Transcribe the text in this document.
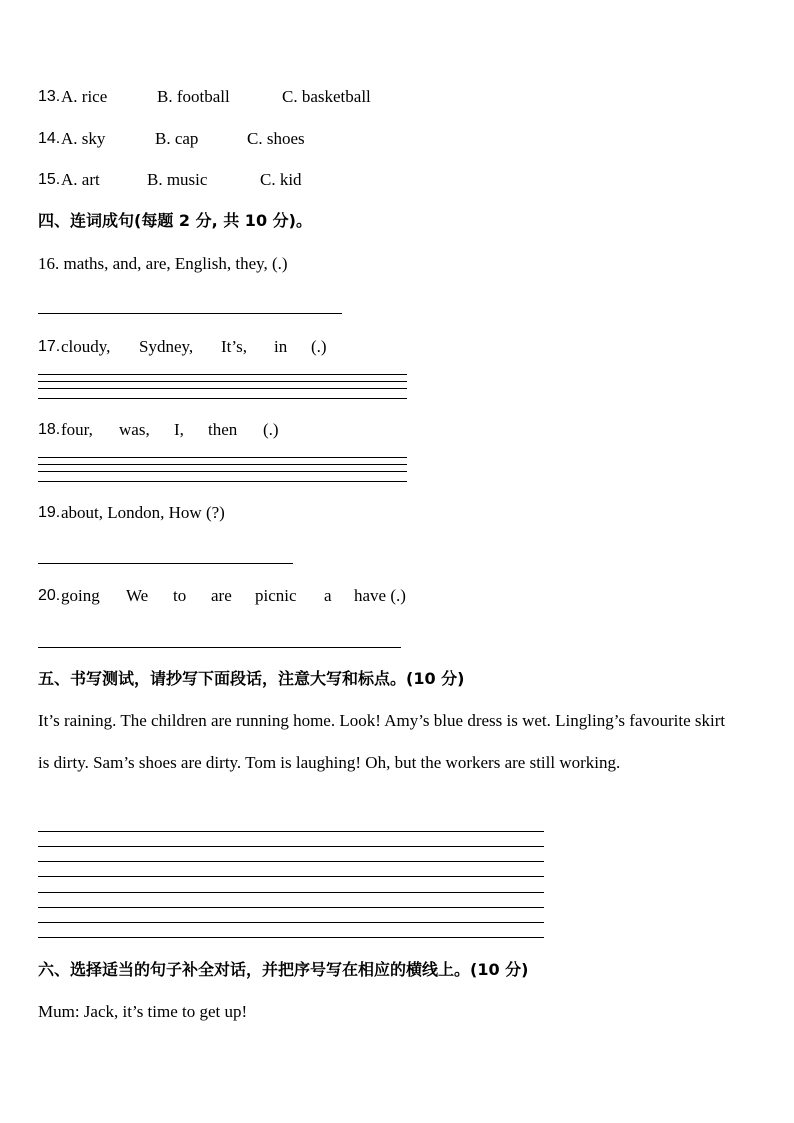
13. A. rice	B. football	C. basketball
14. A. sky	B. cap	C. shoes
15. A. art	B. music	C. kid
四、连词成句(每题 2 分, 共 10 分)。
16. maths, and, are, English, they, (.)
17. cloudy, Sydney, It’s, in (.)
18. four, was, I, then (.)
19. about, London, How (?)
20. going We to are picnic a have (.)
五、书写测试，请抄写下面段话，注意大写和标点。(10 分)
It’s raining. The children are running home. Look! Amy’s blue dress is wet. Lingling’s favourite skirt is dirty. Sam’s shoes are dirty. Tom is laughing! Oh, but the workers are still working.
六、选择适当的句子补全对话，并把序号写在相应的横线上。(10 分)
Mum: Jack, it’s time to get up!
